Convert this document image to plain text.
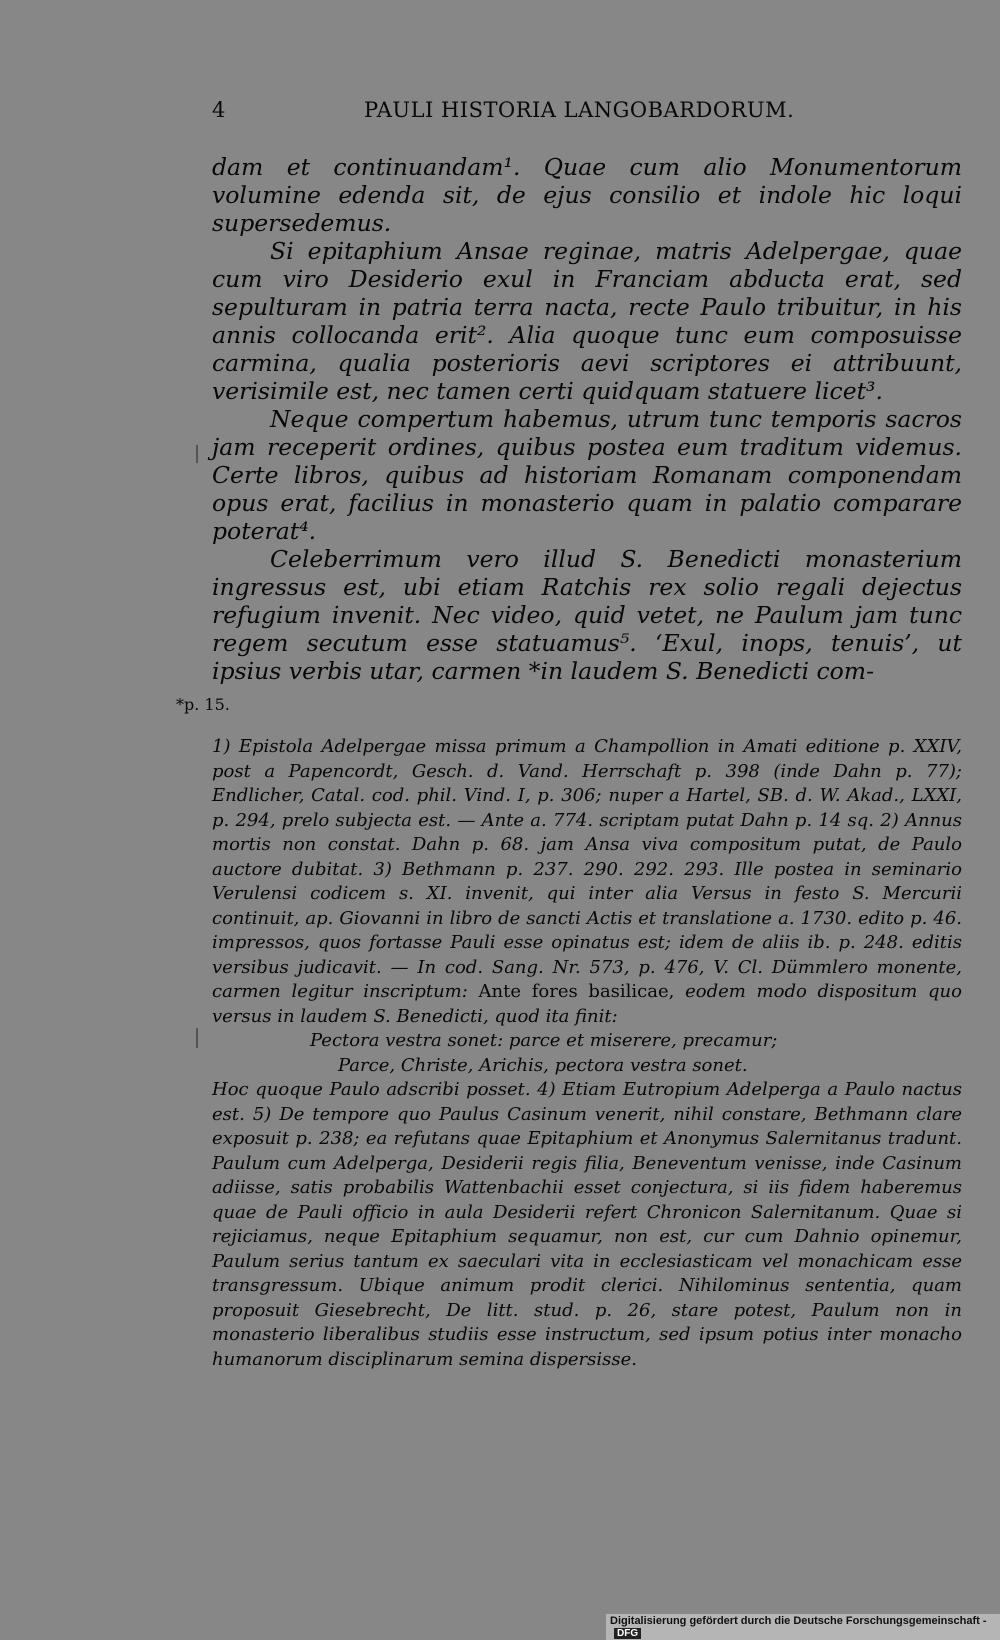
4	PAULI HISTORIA LANGOBARDORUM.

dam et continuandam¹. Quae cum alio Monumentorum volumine edenda sit, de ejus consilio et indole hic loqui supersedemus.

Si epitaphium Ansae reginae, matris Adelpergae, quae cum viro Desiderio exul in Franciam abducta erat, sed sepulturam in patria terra nacta, recte Paulo tribuitur, in his annis collocanda erit². Alia quoque tunc eum composuisse carmina, qualia posterioris aevi scriptores ei attribuunt, verisimile est, nec tamen certi quidquam statuere licet³.

Neque compertum habemus, utrum tunc temporis sacros jam receperit ordines, quibus postea eum traditum videmus. Certe libros, quibus ad historiam Romanam componendam opus erat, facilius in monasterio quam in palatio comparare poterat⁴.

Celeberrimum vero illud S. Benedicti monasterium ingressus est, ubi etiam Ratchis rex solio regali dejectus refugium invenit. Nec video, quid vetet, ne Paulum jam tunc regem secutum esse statuamus⁵. ‘Exul, inops, tenuis’, ut ipsius verbis utar, carmen *in laudem S. Benedicti com-

*p. 15.

1) Epistola Adelpergae missa primum a Champollion in Amati editione p. XXIV, post a Papencordt, Gesch. d. Vand. Herrschaft p. 398 (inde Dahn p. 77); Endlicher, Catal. cod. phil. Vind. I, p. 306; nuper a Hartel, SB. d. W. Akad., LXXI, p. 294, prelo subjecta est. — Ante a. 774. scriptam putat Dahn p. 14 sq. 2) Annus mortis non constat. Dahn p. 68. jam Ansa viva compositum putat, de Paulo auctore dubitat. 3) Bethmann p. 237. 290. 292. 293. Ille postea in seminario Verulensi codicem s. XI. invenit, qui inter alia Versus in festo S. Mercurii continuit, ap. Giovanni in libro de sancti Actis et translatione a. 1730. edito p. 46. impressos, quos fortasse Pauli esse opinatus est; idem de aliis ib. p. 248. editis versibus judicavit. — In cod. Sang. Nr. 573, p. 476, V. Cl. Dümmlero monente, carmen legitur inscriptum: Ante fores basilicae, eodem modo dispositum quo versus in laudem S. Benedicti, quod ita finit:

Pectora vestra sonet: parce et miserere, precamur;

Parce, Christe, Arichis, pectora vestra sonet.

Hoc quoque Paulo adscribi posset. 4) Etiam Eutropium Adelperga a Paulo nactus est. 5) De tempore quo Paulus Casinum venerit, nihil constare, Bethmann clare exposuit p. 238; ea refutans quae Epitaphium et Anonymus Salernitanus tradunt. Paulum cum Adelperga, Desiderii regis filia, Beneventum venisse, inde Casinum adiisse, satis probabilis Wattenbachii esset conjectura, si iis fidem haberemus quae de Pauli officio in aula Desiderii refert Chronicon Salernitanum. Quae si rejiciamus, neque Epitaphium sequamur, non est, cur cum Dahnio opinemur, Paulum serius tantum ex saeculari vita in ecclesiasticam vel monachicam esse transgressum. Ubique animum prodit clerici. Nihilominus sententia, quam proposuit Giesebrecht, De litt. stud. p. 26, stare potest, Paulum non in monasterio liberalibus studiis esse instructum, sed ipsum potius inter monacho humanorum disciplinarum semina dispersisse.

Digitalisierung gefördert durch die Deutsche Forschungsgemeinschaft -DFG
